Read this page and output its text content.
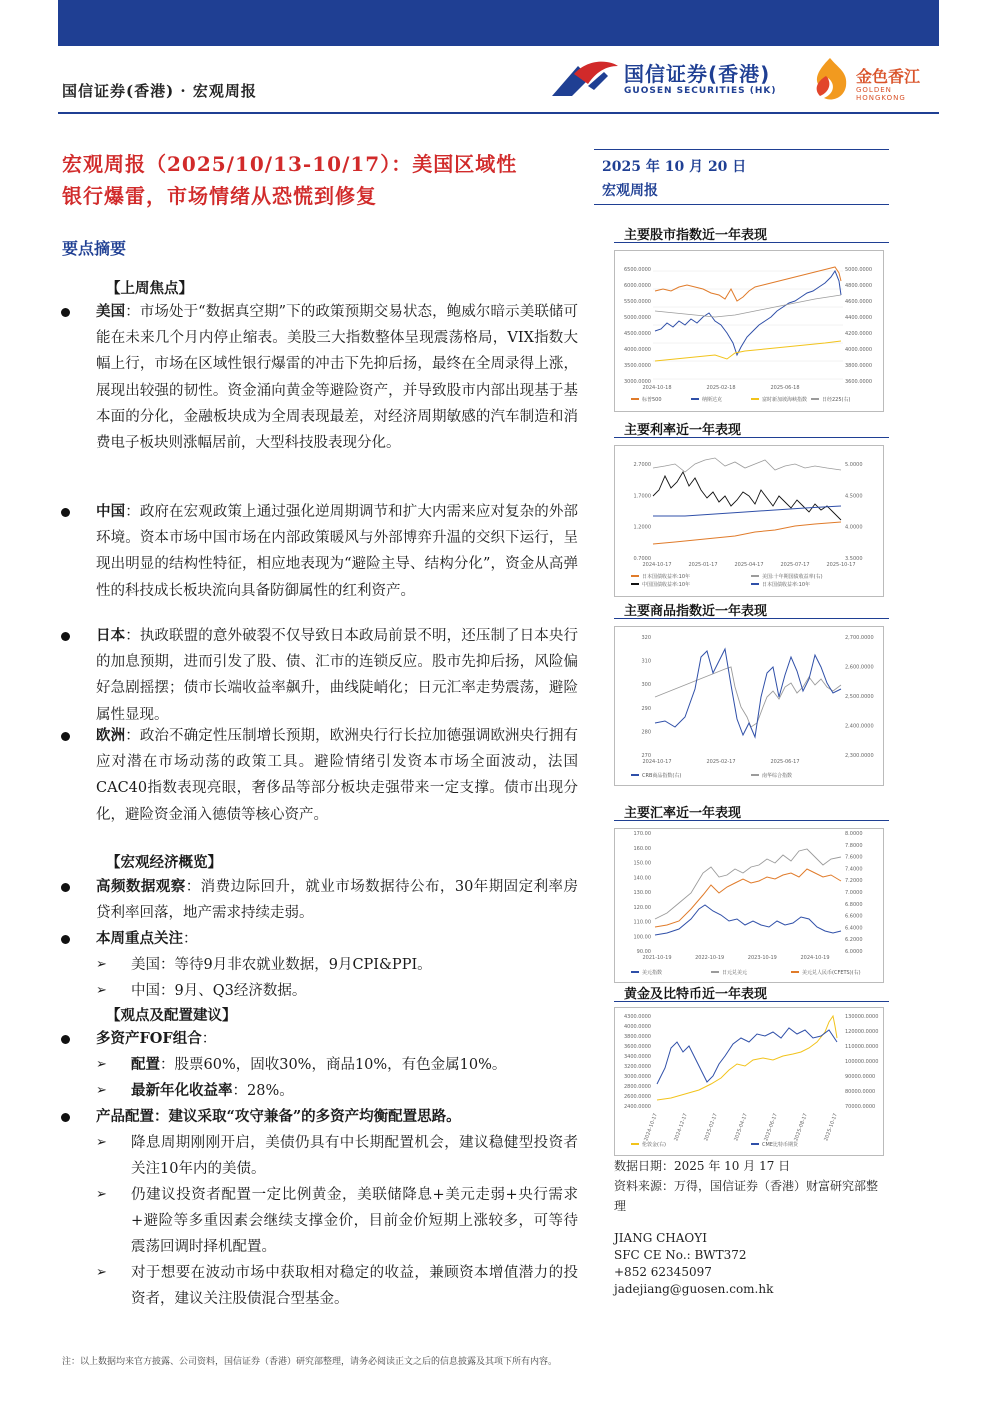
国信证券(香港) · 宏观周报
国信证券(香港)
GUOSEN SECURITIES (HK)
金色香江
GOLDEN HONGKONG
宏观周报（2025/10/13-10/17）：美国区域性
银行爆雷，市场情绪从恐慌到修复
2025 年 10 月 20 日
宏观周报
要点摘要
【上周焦点】
美国：市场处于“数据真空期”下的政策预期交易状态，鲍威尔暗示美联储可能在未来几个月内停止缩表。美股三大指数整体呈现震荡格局，VIX指数大幅上行，市场在区域性银行爆雷的冲击下先抑后扬，最终在全周录得上涨，展现出较强的韧性。资金涌向黄金等避险资产，并导致股市内部出现基于基本面的分化，金融板块成为全周表现最差，对经济周期敏感的汽车制造和消费电子板块则涨幅居前，大型科技股表现分化。
中国：政府在宏观政策上通过强化逆周期调节和扩大内需来应对复杂的外部环境。资本市场中国市场在内部政策暖风与外部博弈升温的交织下运行，呈现出明显的结构性特征，相应地表现为“避险主导、结构分化”，资金从高弹性的科技成长板块流向具备防御属性的红利资产。
日本：执政联盟的意外破裂不仅导致日本政局前景不明，还压制了日本央行的加息预期，进而引发了股、债、汇市的连锁反应。股市先抑后扬，风险偏好急剧摇摆；债市长端收益率飙升，曲线陡峭化；日元汇率走势震荡，避险属性显现。
欧洲：政治不确定性压制增长预期，欧洲央行行长拉加德强调欧洲央行拥有应对潜在市场动荡的政策工具。避险情绪引发资本市场全面波动，法国CAC40指数表现亮眼，奢侈品等部分板块走强带来一定支撑。债市出现分化，避险资金涌入德债等核心资产。
【宏观经济概览】
高频数据观察：消费边际回升，就业市场数据待公布，30年期固定利率房贷利率回落，地产需求持续走弱。
本周重点关注：
➢ 美国：等待9月非农就业数据，9月CPI&PPI。
➢ 中国：9月、Q3经济数据。
【观点及配置建议】
多资产FOF组合：
➢ 配置：股票60%，固收30%，商品10%，有色金属10%。
➢ 最新年化收益率：28%。
产品配置：建议采取“攻守兼备”的多资产均衡配置思路。
➢ 降息周期刚刚开启，美债仍具有中长期配置机会，建议稳健型投资者关注10年内的美债。
➢ 仍建议投资者配置一定比例黄金，美联储降息+美元走弱+央行需求+避险等多重因素会继续支撑金价，目前金价短期上涨较多，可等待震荡回调时择机配置。
➢ 对于想要在波动市场中获取相对稳定的收益，兼顾资本增值潜力的投资者，建议关注股债混合型基金。
主要股市指数近一年表现
6500.0000
6000.0000
5500.0000
5000.0000
4500.0000
4000.0000
3500.0000
3000.0000
5000.0000
4800.0000
4600.0000
4400.0000
4200.0000
4000.0000
3800.0000
3600.0000
2024-10-18	2025-02-18	2025-06-18
标普500	纳斯达克	富时新加坡海峡指数	日经225(右)
主要利率近一年表现
2.7000
1.7000
1.2000
0.7000
5.0000
4.5000
4.0000
3.5000
2024-10-17	2025-01-17	2025-04-17	2025-07-17	2025-10-17
日本国债收益率:10年	美国:十年期国债收益率(右)
中国国债收益率:10年	日本国债收益率:10年
主要商品指数近一年表现
320
310
300
290
280
270
2,700.0000
2,600.0000
2,500.0000
2,400.0000
2,300.0000
2024-10-17	2025-02-17	2025-06-17
CRB商品指数(右)	南华综合指数
主要汇率近一年表现
170.00
160.00
150.00
140.00
130.00
120.00
110.00
100.00
90.00
8.0000
7.8000
7.6000
7.4000
7.2000
7.0000
6.8000
6.6000
6.4000
6.2000
6.0000
2021-10-19	2022-10-19	2023-10-19	2024-10-19
美元指数	日元兑美元	美元兑人民币(CFETS)(右)
黄金及比特币近一年表现
4300.0000
4000.0000
3800.0000
3600.0000
3400.0000
3200.0000
3000.0000
2800.0000
2600.0000
2400.0000
130000.0000
120000.0000
110000.0000
100000.0000
90000.0000
80000.0000
70000.0000
2024-10-17	2024-12-17	2025-02-17	2025-04-17	2025-06-17	2025-08-17	2025-10-17
伦敦金(右)	CME比特币期货
数据日期：2025 年 10 月 17 日
资料来源：万得，国信证券（香港）财富研究部整理
JIANG CHAOYI
SFC CE No.: BWT372
+852 62345097
jadejiang@guosen.com.hk
注：以上数据均来官方披露、公司资料，国信证券（香港）研究部整理，请务必阅读正文之后的信息披露及其项下所有内容。
